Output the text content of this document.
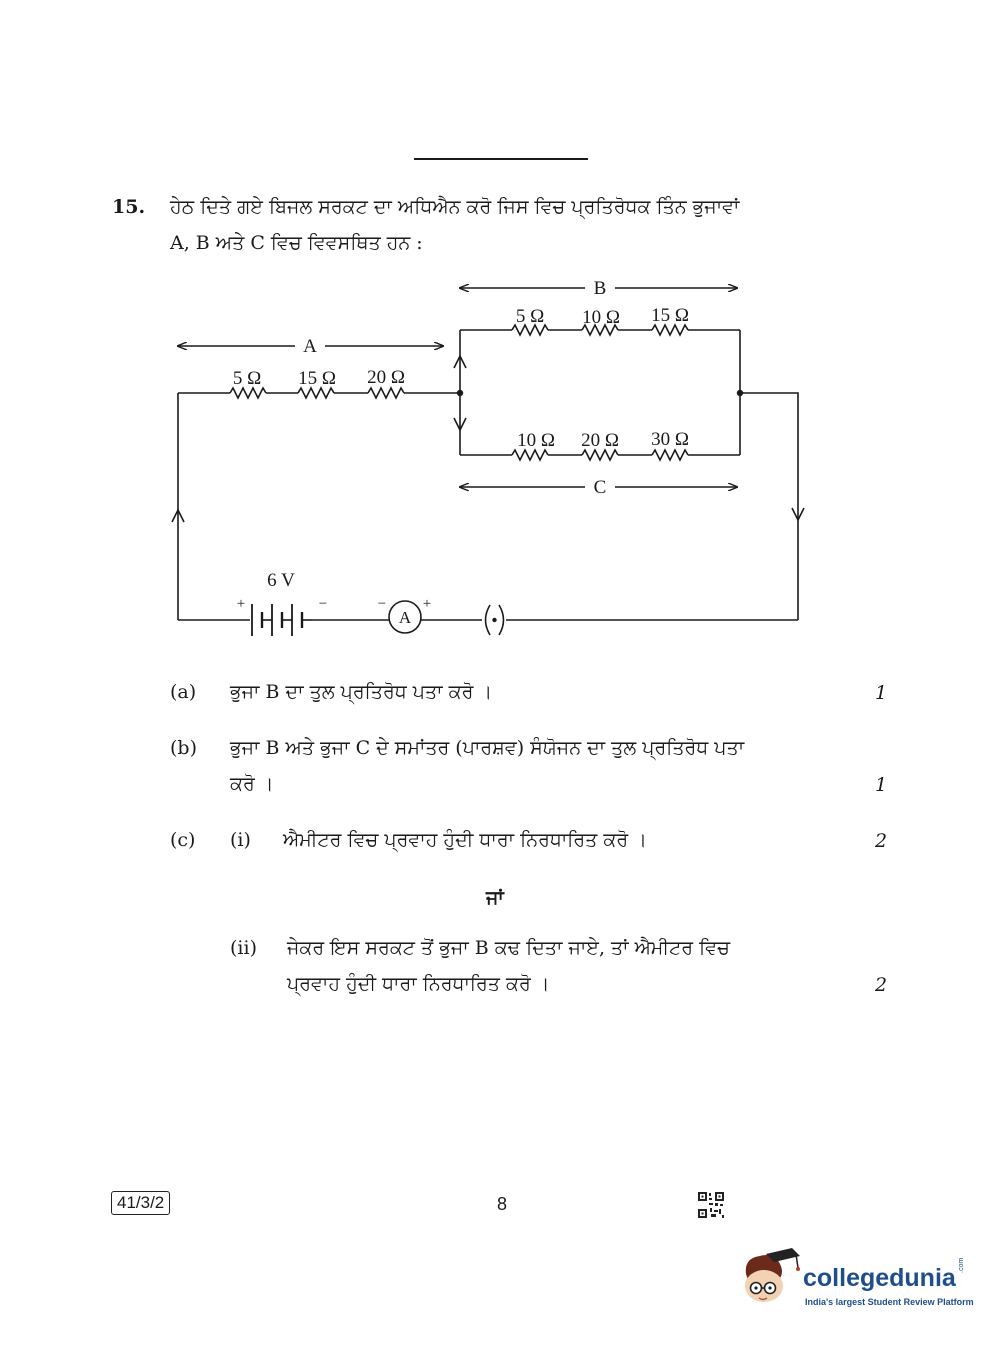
15. ਹੇਠ ਦਿਤੇ ਗਏ ਬਿਜਲ ਸਰਕਟ ਦਾ ਅਧਿਐਨ ਕਰੋ ਜਿਸ ਵਿਚ ਪ੍ਰਤਿਰੋਧਕ ਤਿੰਨ ਭੁਜਾਵਾਂ
A, B ਅਤੇ C ਵਿਚ ਵਿਵਸਥਿਤ ਹਨ :
A
B
C
5 Ω 15 Ω 20 Ω
5 Ω 10 Ω 15 Ω
10 Ω 20 Ω 30 Ω
6 V
+	−	− +
A
(•)
(a) ਭੁਜਾ B ਦਾ ਤੁਲ ਪ੍ਰਤਿਰੋਧ ਪਤਾ ਕਰੋ ।	1
(b) ਭੁਜਾ B ਅਤੇ ਭੁਜਾ C ਦੇ ਸਮਾਂਤਰ (ਪਾਰਸ਼ਵ) ਸੰਯੋਜਨ ਦਾ ਤੁਲ ਪ੍ਰਤਿਰੋਧ ਪਤਾ
ਕਰੋ ।	1
(c) (i) ਐਮੀਟਰ ਵਿਚ ਪ੍ਰਵਾਹ ਹੁੰਦੀ ਧਾਰਾ ਨਿਰਧਾਰਿਤ ਕਰੋ ।	2
ਜਾਂ
(ii) ਜੇਕਰ ਇਸ ਸਰਕਟ ਤੋਂ ਭੁਜਾ B ਕਢ ਦਿਤਾ ਜਾਏ, ਤਾਂ ਐਮੀਟਰ ਵਿਚ
ਪ੍ਰਵਾਹ ਹੁੰਦੀ ਧਾਰਾ ਨਿਰਧਾਰਿਤ ਕਰੋ ।	2
41/3/2	8
collegedunia .com
India's largest Student Review Platform
